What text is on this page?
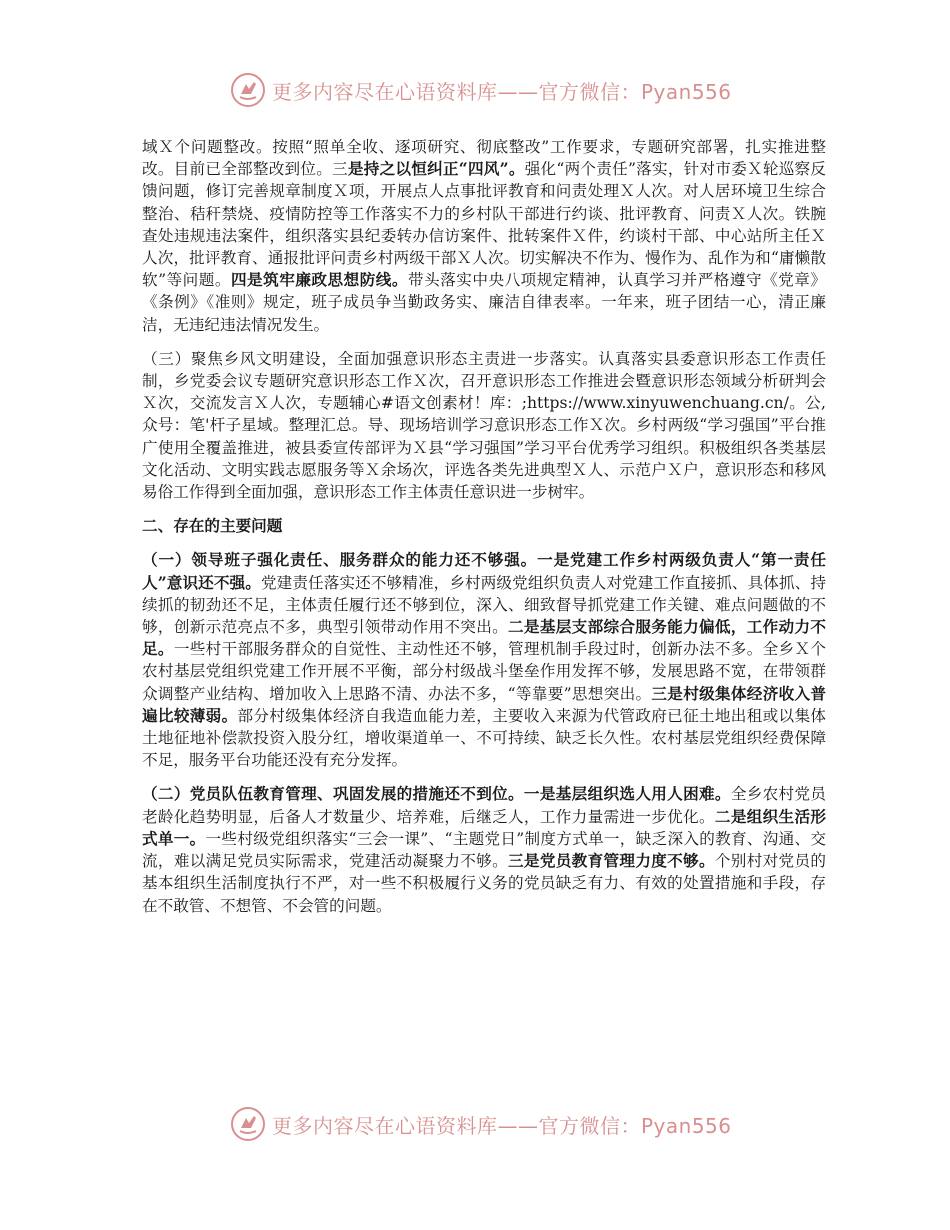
更多内容尽在心语资料库——官方微信：Pyan556

域Ｘ个问题整改。按照“照单全收、逐项研究、彻底整改”工作要求，专题研究部署，扎实推进整改。目前已全部整改到位。三是持之以恒纠正“四风”。强化“两个责任”落实，针对市委Ｘ轮巡察反馈问题，修订完善规章制度Ｘ项，开展点人点事批评教育和问责处理Ｘ人次。对人居环境卫生综合整治、秸秆禁烧、疫情防控等工作落实不力的乡村队干部进行约谈、批评教育、问责Ｘ人次。铁腕查处违规违法案件，组织落实县纪委转办信访案件、批转案件Ｘ件，约谈村干部、中心站所主任Ｘ人次，批评教育、通报批评问责乡村两级干部Ｘ人次。切实解决不作为、慢作为、乱作为和“庸懒散软”等问题。四是筑牢廉政思想防线。带头落实中央八项规定精神，认真学习并严格遵守《党章》《条例》《准则》规定，班子成员争当勤政务实、廉洁自律表率。一年来，班子团结一心，清正廉洁，无违纪违法情况发生。

（三）聚焦乡风文明建设，全面加强意识形态主责进一步落实。认真落实县委意识形态工作责任制，乡党委会议专题研究意识形态工作Ｘ次，召开意识形态工作推进会暨意识形态领域分析研判会Ｘ次，交流发言Ｘ人次，专题辅心#语文创素材！库：;https://www.xinyuwenchuang.cn/。公,众号：笔'杆子星域。整理汇总。导、现场培训学习意识形态工作Ｘ次。乡村两级“学习强国”平台推广使用全覆盖推进，被县委宣传部评为Ｘ县“学习强国”学习平台优秀学习组织。积极组织各类基层文化活动、文明实践志愿服务等Ｘ余场次，评选各类先进典型Ｘ人、示范户Ｘ户，意识形态和移风易俗工作得到全面加强，意识形态工作主体责任意识进一步树牢。

二、存在的主要问题

（一）领导班子强化责任、服务群众的能力还不够强。一是党建工作乡村两级负责人“第一责任人”意识还不强。党建责任落实还不够精准，乡村两级党组织负责人对党建工作直接抓、具体抓、持续抓的韧劲还不足，主体责任履行还不够到位，深入、细致督导抓党建工作关键、难点问题做的不够，创新示范亮点不多，典型引领带动作用不突出。二是基层支部综合服务能力偏低，工作动力不足。一些村干部服务群众的自觉性、主动性还不够，管理机制手段过时，创新办法不多。全乡Ｘ个农村基层党组织党建工作开展不平衡，部分村级战斗堡垒作用发挥不够，发展思路不宽，在带领群众调整产业结构、增加收入上思路不清、办法不多，“等靠要”思想突出。三是村级集体经济收入普遍比较薄弱。部分村级集体经济自我造血能力差，主要收入来源为代管政府已征土地出租或以集体土地征地补偿款投资入股分红，增收渠道单一、不可持续、缺乏长久性。农村基层党组织经费保障不足，服务平台功能还没有充分发挥。

（二）党员队伍教育管理、巩固发展的措施还不到位。一是基层组织选人用人困难。全乡农村党员老龄化趋势明显，后备人才数量少、培养难，后继乏人，工作力量需进一步优化。二是组织生活形式单一。一些村级党组织落实“三会一课”、“主题党日”制度方式单一，缺乏深入的教育、沟通、交流，难以满足党员实际需求，党建活动凝聚力不够。三是党员教育管理力度不够。个别村对党员的基本组织生活制度执行不严，对一些不积极履行义务的党员缺乏有力、有效的处置措施和手段，存在不敢管、不想管、不会管的问题。

更多内容尽在心语资料库——官方微信：Pyan556
